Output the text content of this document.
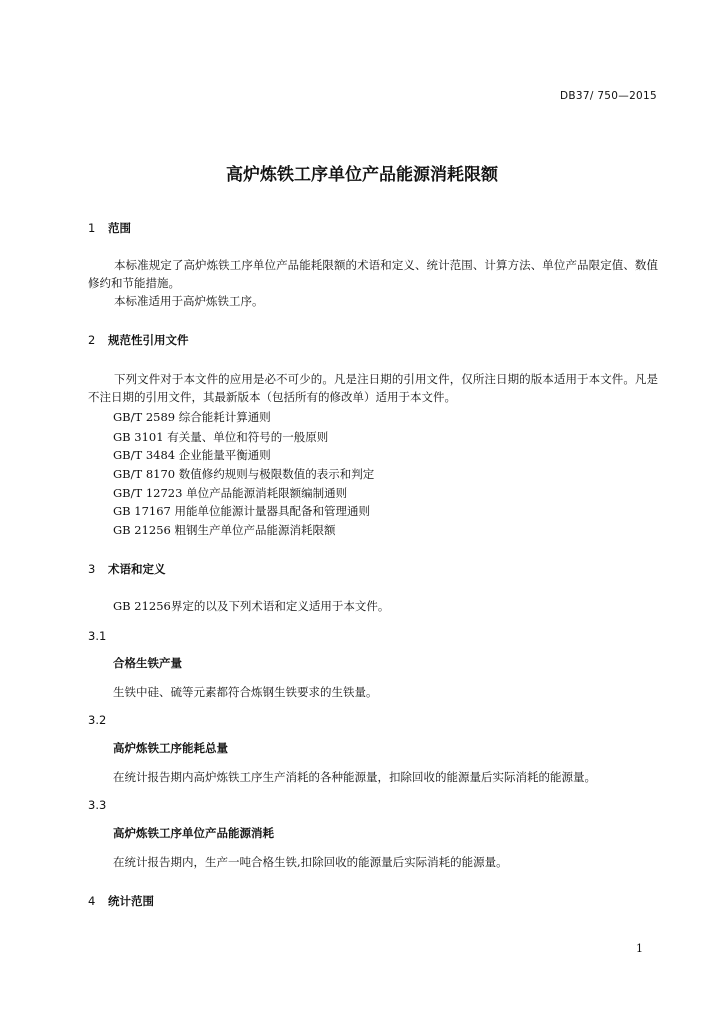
DB37/ 750—2015
高炉炼铁工序单位产品能源消耗限额
1 范围
本标准规定了高炉炼铁工序单位产品能耗限额的术语和定义、统计范围、计算方法、单位产品限定值、数值修约和节能措施。
本标准适用于高炉炼铁工序。
2 规范性引用文件
下列文件对于本文件的应用是必不可少的。凡是注日期的引用文件，仅所注日期的版本适用于本文件。凡是不注日期的引用文件，其最新版本（包括所有的修改单）适用于本文件。
GB/T 2589 综合能耗计算通则
GB 3101 有关量、单位和符号的一般原则
GB/T 3484 企业能量平衡通则
GB/T 8170 数值修约规则与极限数值的表示和判定
GB/T 12723 单位产品能源消耗限额编制通则
GB 17167 用能单位能源计量器具配备和管理通则
GB 21256 粗钢生产单位产品能源消耗限额
3 术语和定义
GB 21256界定的以及下列术语和定义适用于本文件。
3.1
合格生铁产量
生铁中硅、硫等元素都符合炼钢生铁要求的生铁量。
3.2
高炉炼铁工序能耗总量
在统计报告期内高炉炼铁工序生产消耗的各种能源量，扣除回收的能源量后实际消耗的能源量。
3.3
高炉炼铁工序单位产品能源消耗
在统计报告期内，生产一吨合格生铁,扣除回收的能源量后实际消耗的能源量。
4 统计范围
1
